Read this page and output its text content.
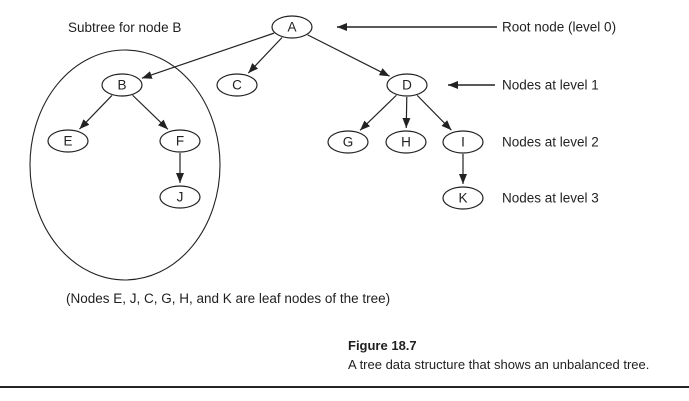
A
B	C	D
E	F	G	H	I
J	K
Root node (level 0)
Nodes at level 1
Nodes at level 2
Nodes at level 3
Subtree for node B
(Nodes E, J, C, G, H, and K are leaf nodes of the tree)
Figure 18.7
A tree data structure that shows an unbalanced tree.
